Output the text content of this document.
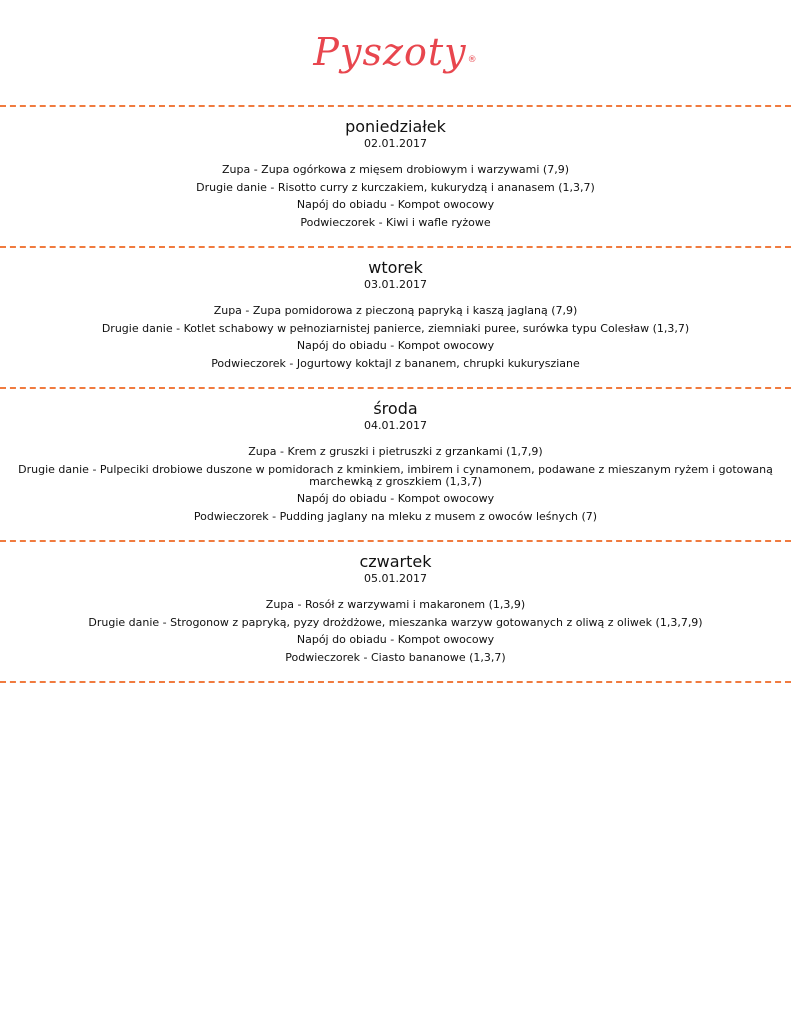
Pyszoty®
poniedziałek
02.01.2017
Zupa - Zupa ogórkowa z mięsem drobiowym i warzywami (7,9)
Drugie danie - Risotto curry z kurczakiem, kukurydzą i ananasem (1,3,7)
Napój do obiadu - Kompot owocowy
Podwieczorek - Kiwi i wafle ryżowe
wtorek
03.01.2017
Zupa - Zupa pomidorowa z pieczoną papryką i kaszą jaglaną (7,9)
Drugie danie - Kotlet schabowy w pełnoziarnistej panierce, ziemniaki puree, surówka typu Colesław (1,3,7)
Napój do obiadu - Kompot owocowy
Podwieczorek - Jogurtowy koktajl z bananem, chrupki kukurysziane
środa
04.01.2017
Zupa - Krem z gruszki i pietruszki z grzankami (1,7,9)
Drugie danie - Pulpeciki drobiowe duszone w pomidorach z kminkiem, imbirem i cynamonem, podawane z mieszanym ryżem i gotowaną marchewką z groszkiem (1,3,7)
Napój do obiadu - Kompot owocowy
Podwieczorek - Pudding jaglany na mleku z musem z owoców leśnych (7)
czwartek
05.01.2017
Zupa - Rosół z warzywami i makaronem (1,3,9)
Drugie danie - Strogonow z papryką, pyzy drożdżowe, mieszanka warzyw gotowanych z oliwą z oliwek (1,3,7,9)
Napój do obiadu - Kompot owocowy
Podwieczorek - Ciasto bananowe (1,3,7)
